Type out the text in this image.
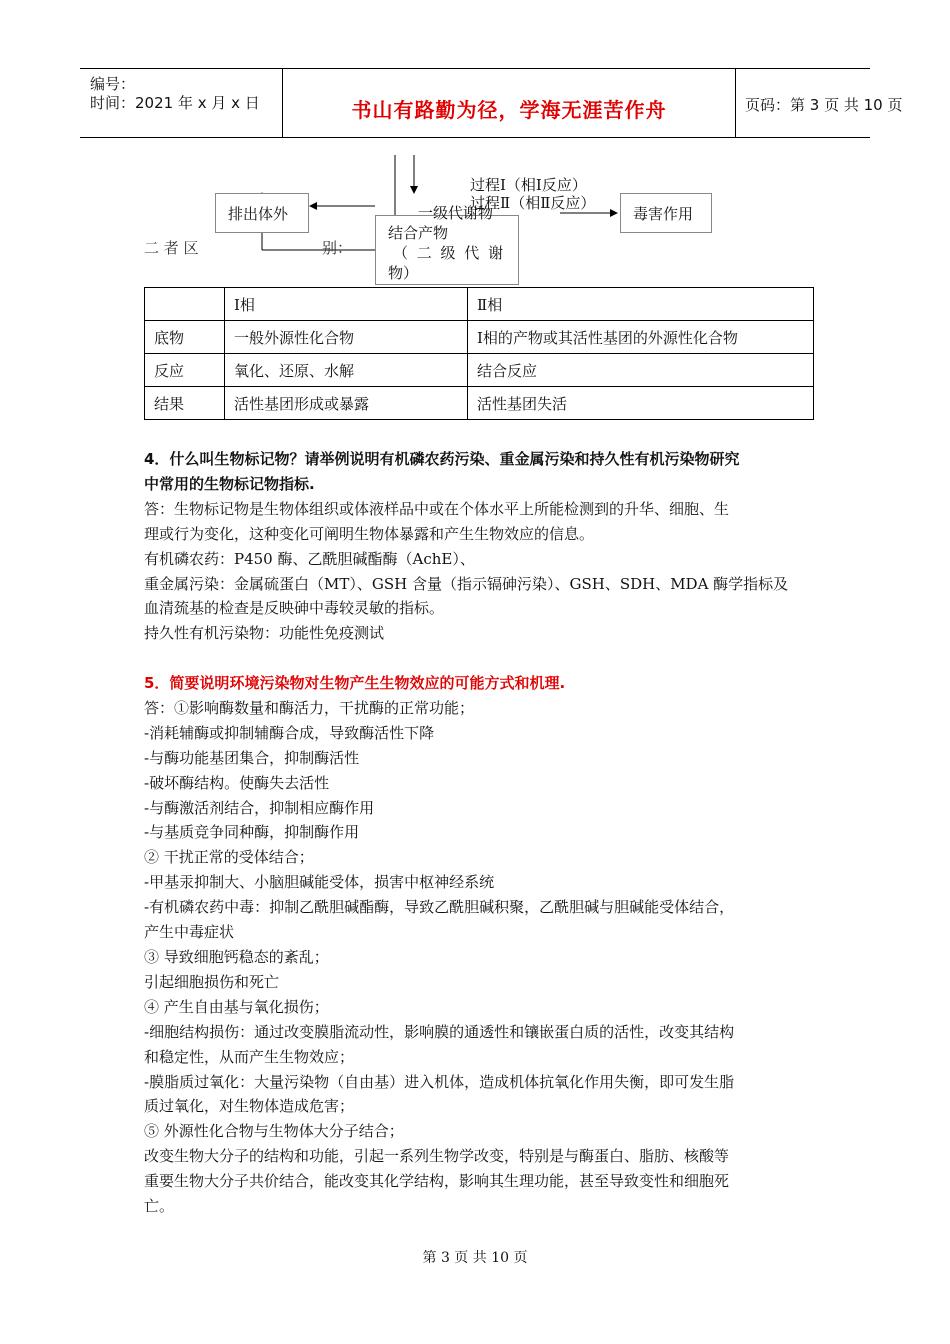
编号：
时间：2021 年 x 月 x 日	书山有路勤为径，学海无涯苦作舟	页码：第 3 页 共 10 页
排出体外	一级代谢物
结合产物
（ 二 级 代 谢
物）
过程Ⅰ（相Ⅰ反应）
过程Ⅱ（相Ⅱ反应）
毒害作用
二 者 区	别：
	Ⅰ相	Ⅱ相
底物	一般外源性化合物	Ⅰ相的产物或其活性基团的外源性化合物
反应	氧化、还原、水解	结合反应
结果	活性基团形成或暴露	活性基团失活

4．什么叫生物标记物？请举例说明有机磷农药污染、重金属污染和持久性有机污染物研究

中常用的生物标记物指标.

答：生物标记物是生物体组织或体液样品中或在个体水平上所能检测到的升华、细胞、生

理或行为变化，这种变化可阐明生物体暴露和产生生物效应的信息。

有机磷农药：P450 酶、乙酰胆碱酯酶（AchE）、

重金属污染：金属硫蛋白（MT）、GSH 含量（指示镉砷污染）、GSH、SDH、MDA 酶学指标及

血清巯基的检查是反映砷中毒较灵敏的指标。

持久性有机污染物：功能性免疫测试

5．简要说明环境污染物对生物产生生物效应的可能方式和机理.

答：①影响酶数量和酶活力，干扰酶的正常功能；

-消耗辅酶或抑制辅酶合成，导致酶活性下降

-与酶功能基团集合，抑制酶活性

-破坏酶结构。使酶失去活性

-与酶激活剂结合，抑制相应酶作用

-与基质竞争同种酶，抑制酶作用

② 干扰正常的受体结合；

-甲基汞抑制大、小脑胆碱能受体，损害中枢神经系统

-有机磷农药中毒：抑制乙酰胆碱酯酶，导致乙酰胆碱积聚，乙酰胆碱与胆碱能受体结合，

产生中毒症状

③ 导致细胞钙稳态的紊乱；

引起细胞损伤和死亡

④ 产生自由基与氧化损伤；

-细胞结构损伤：通过改变膜脂流动性，影响膜的通透性和镶嵌蛋白质的活性，改变其结构

和稳定性，从而产生生物效应；

-膜脂质过氧化：大量污染物（自由基）进入机体，造成机体抗氧化作用失衡，即可发生脂

质过氧化，对生物体造成危害；

⑤ 外源性化合物与生物体大分子结合；

改变生物大分子的结构和功能，引起一系列生物学改变，特别是与酶蛋白、脂肪、核酸等

重要生物大分子共价结合，能改变其化学结构，影响其生理功能，甚至导致变性和细胞死

亡。

第 3 页 共 10 页
